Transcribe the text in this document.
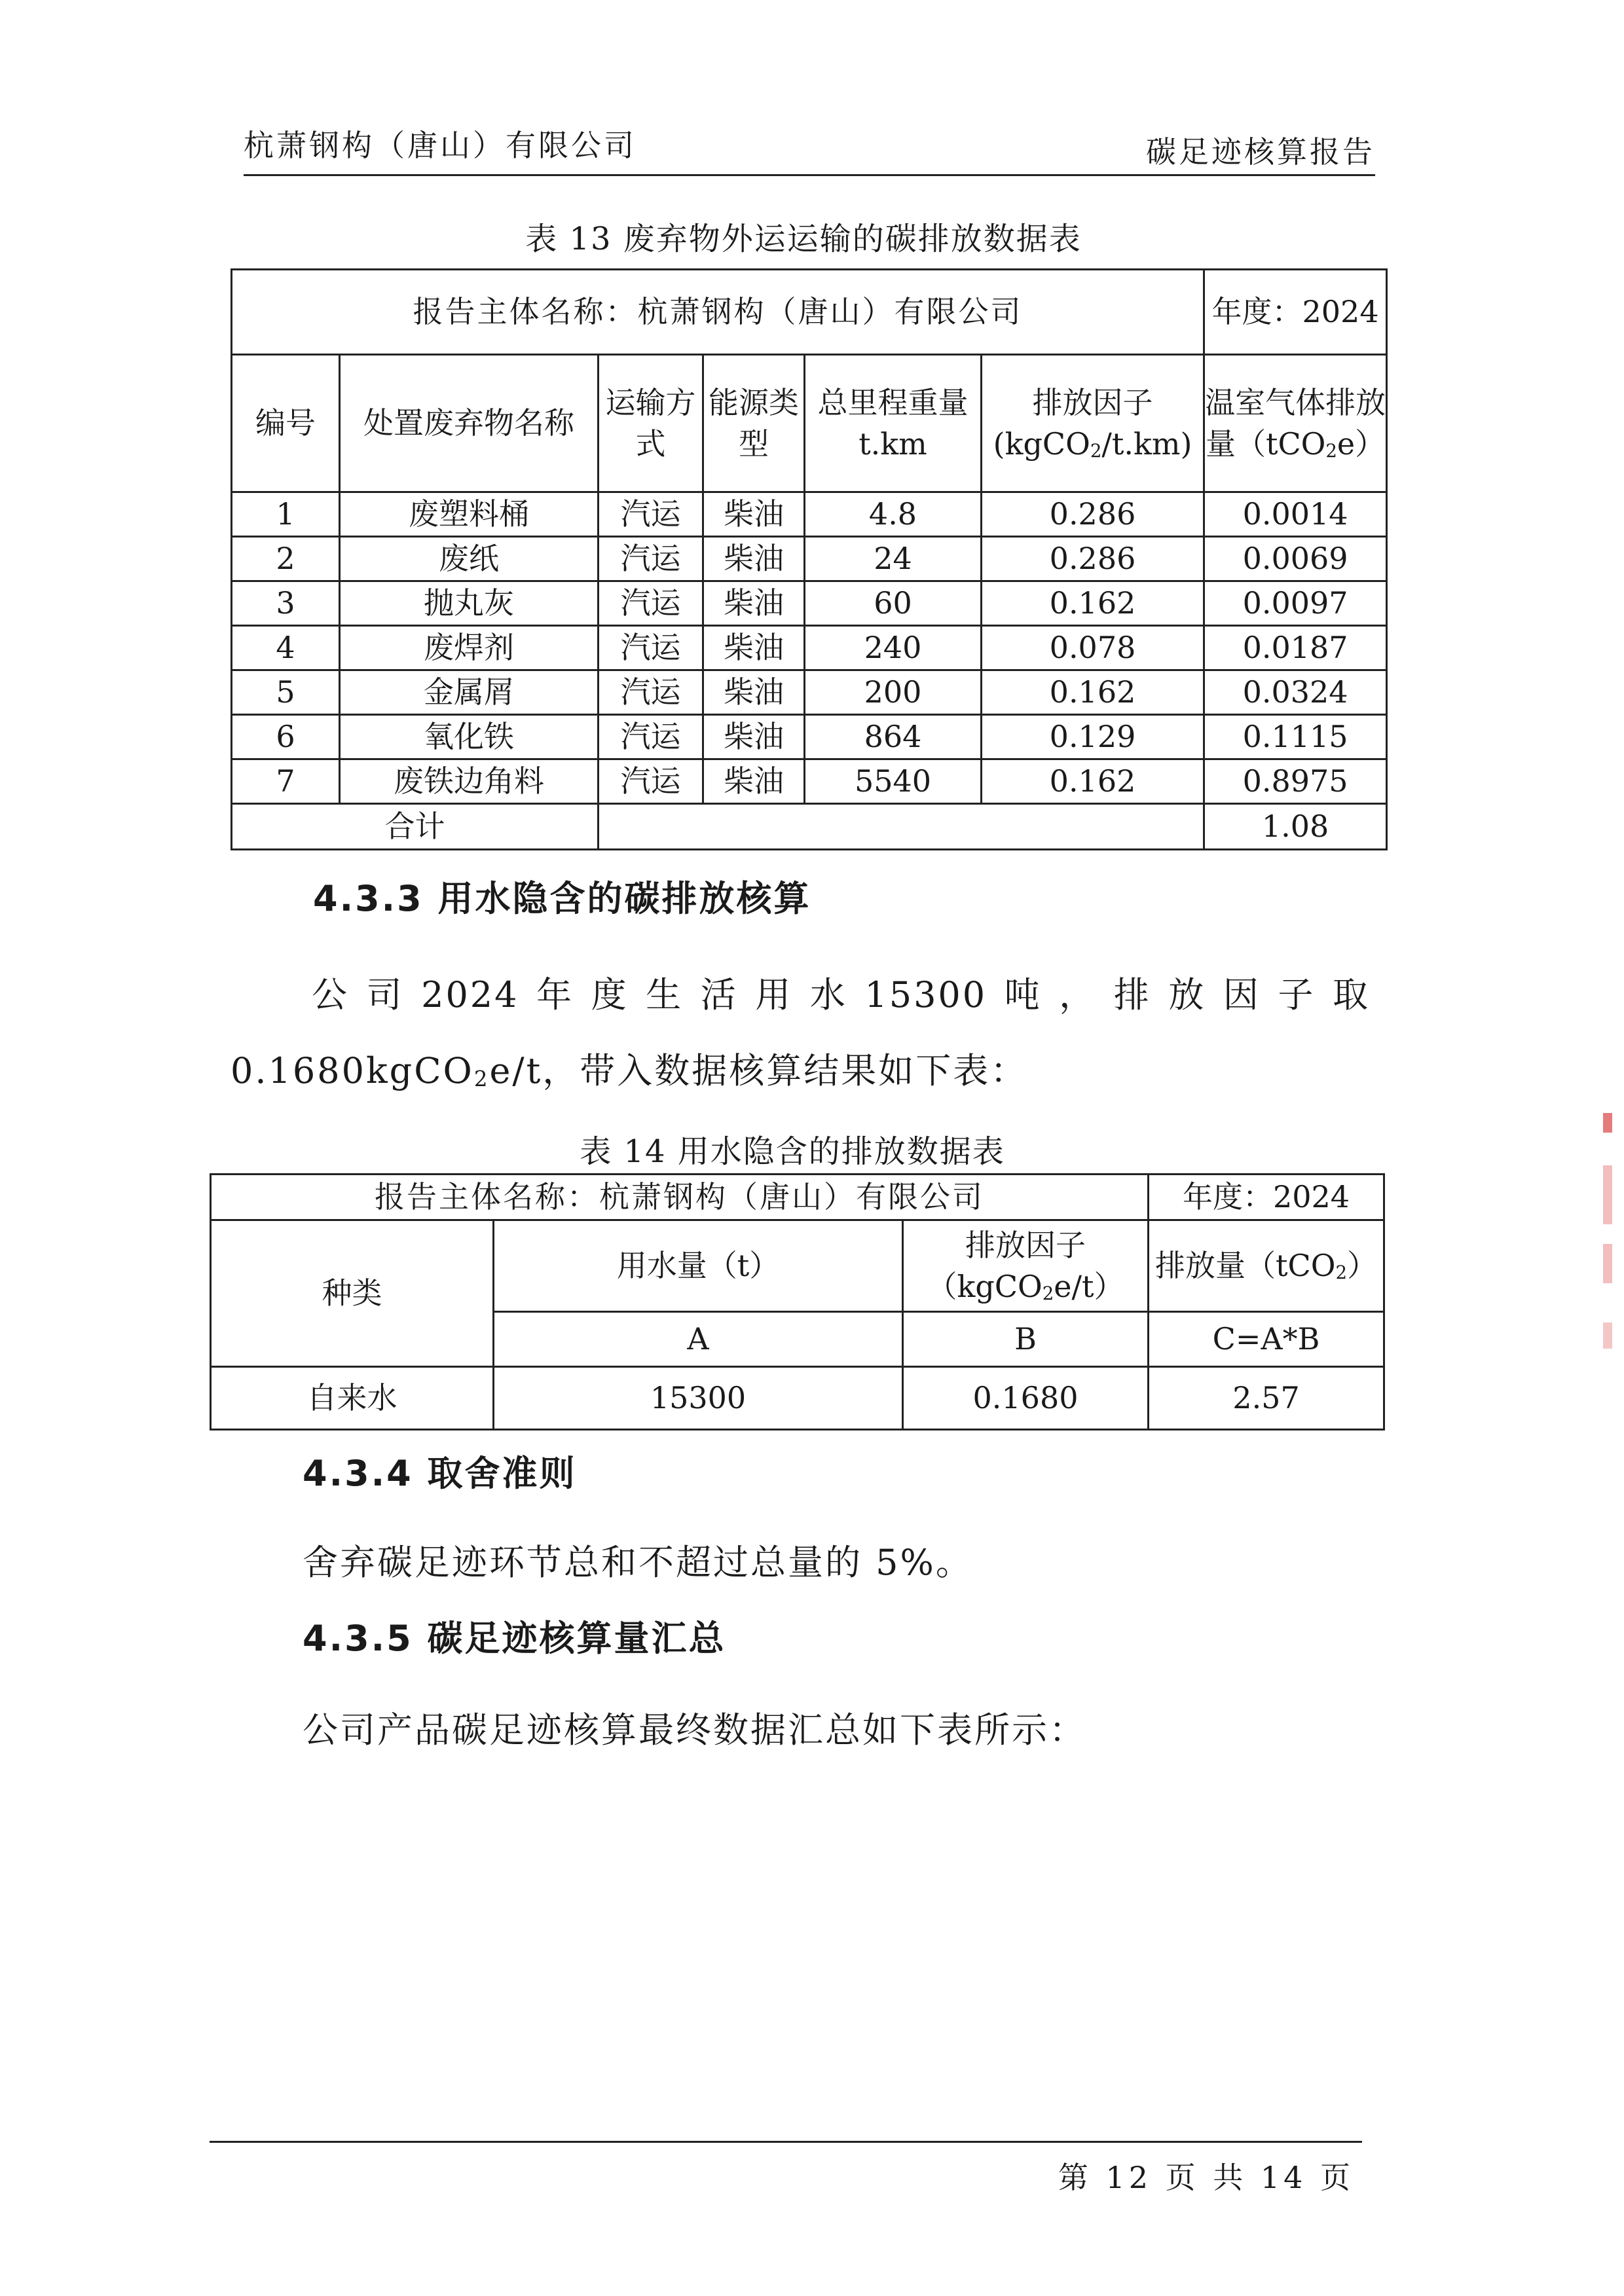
杭萧钢构（唐山）有限公司	碳足迹核算报告
表 13 废弃物外运运输的碳排放数据表
报告主体名称：杭萧钢构（唐山）有限公司						年度：2024
编号	处置废弃物名称	运输方式	能源类型	总里程重量 t.km	排放因子(kgCO$_2$/t.km)	温室气体排放量（tCO$_2$e）
1	废塑料桶	汽运	柴油	4.8	0.286	0.0014
2	废纸	汽运	柴油	24	0.286	0.0069
3	抛丸灰	汽运	柴油	60	0.162	0.0097
4	废焊剂	汽运	柴油	240	0.078	0.0187
5	金属屑	汽运	柴油	200	0.162	0.0324
6	氧化铁	汽运	柴油	864	0.129	0.1115
7	废铁边角料	汽运	柴油	5540	0.162	0.8975
合计						1.08
4.3.3 用水隐含的碳排放核算
公司2024年度生活用水15300吨，排放因子取0.1680kgCO$_2$e/t，带入数据核算结果如下表：
表 14 用水隐含的排放数据表
报告主体名称：杭萧钢构（唐山）有限公司			年度：2024
种类	用水量（t）	排放因子（kgCO$_2$e/t）	排放量（tCO$_2$）
	A	B	C=A*B
自来水	15300	0.1680	2.57
4.3.4 取舍准则
舍弃碳足迹环节总和不超过总量的 5%。
4.3.5 碳足迹核算量汇总
公司产品碳足迹核算最终数据汇总如下表所示：
第 12 页 共 14 页
